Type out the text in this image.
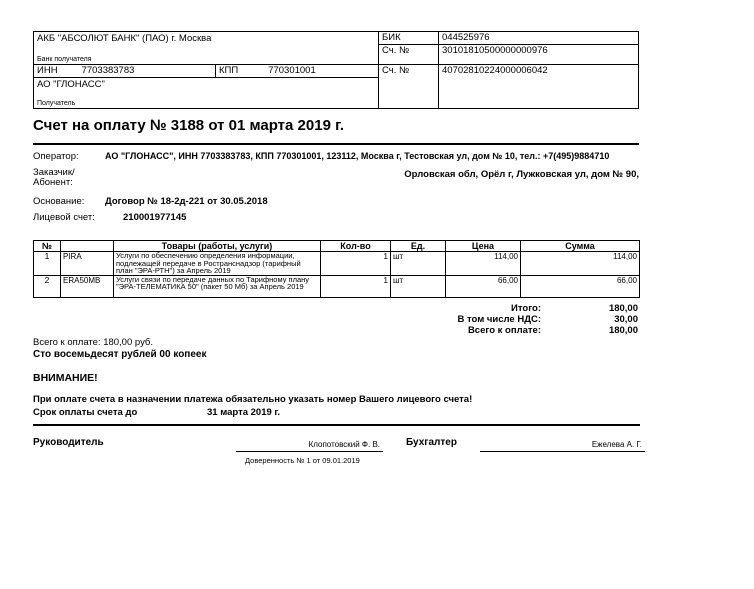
АКБ "АБСОЛЮТ БАНК" (ПАО) г. Москва
Банк получателя
ИНН	7703383783	КПП	770301001
АО "ГЛОНАСС"
Получатель
БИК	044525976
Сч. №	30101810500000000976
Сч. №	40702810224000006042
Счет на оплату № 3188 от 01 марта 2019 г.
Оператор:	АО "ГЛОНАСС", ИНН 7703383783, КПП 770301001, 123112, Москва г, Тестовская ул, дом № 10, тел.: +7(495)9884710
Заказчик/
Абонент:
Орловская обл, Орёл г, Лужковская ул, дом № 90,
Основание: Договор № 18-2д-221 от 30.05.2018
Лицевой счет:	210001977145
№		Товары (работы, услуги)	Кол-во	Ед.	Цена	Сумма
1	PIRA	Услуги по обеспечению определения информации, подлежащей передаче в Ространснадзор (тарифный план "ЭРА-РТН") за Апрель 2019	1	шт	114,00	114,00
2	ERA50MB	Услуги связи по передаче данных по Тарифному плану "ЭРА-ТЕЛЕМАТИКА 50" (пакет 50 Мб) за Апрель 2019	1	шт	66,00	66,00
Итого:	180,00
В том числе НДС:	30,00
Всего к оплате:	180,00
Всего к оплате: 180,00 руб.
Сто восемьдесят рублей 00 копеек
ВНИМАНИЕ!
При оплате счета в назначении платежа обязательно указать номер Вашего лицевого счета!
Срок оплаты счета до	31 марта 2019 г.
Руководитель	Клопотовский Ф. В.
Доверенность № 1 от 09.01.2019
Бухгалтер	Ежелева А. Г.
